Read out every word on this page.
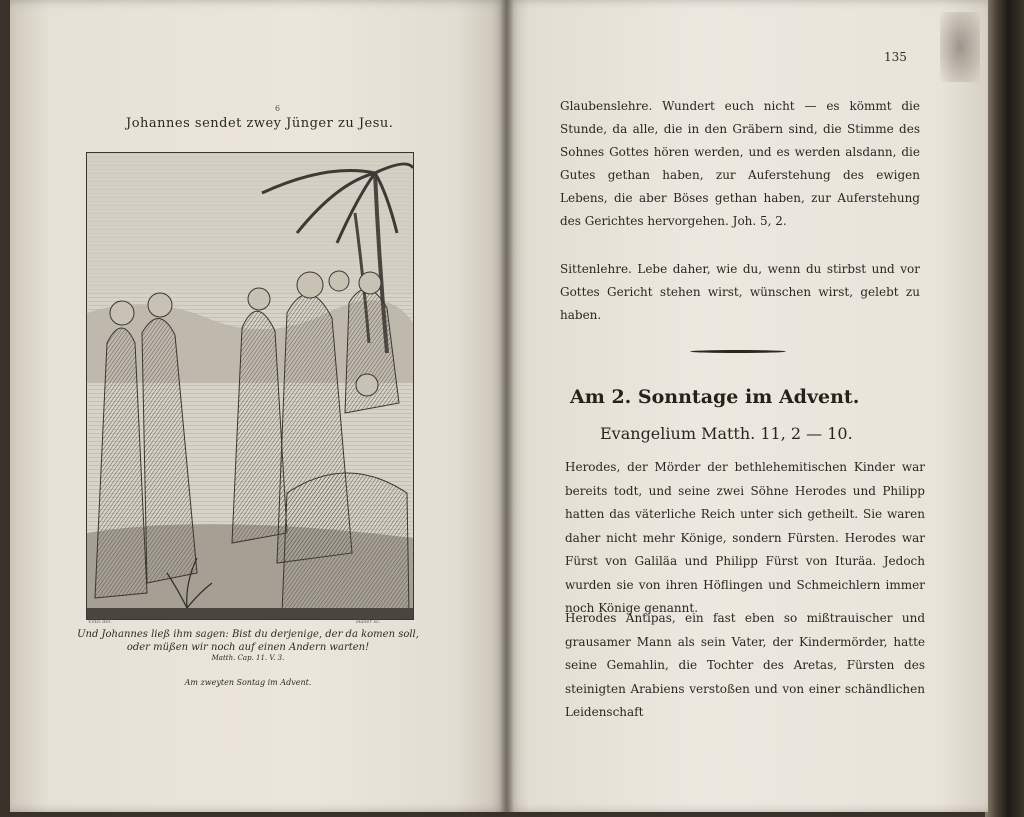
6
Johannes sendet zwey Jünger zu Jesu.
Vinci del.	Haller sc.
Und Johannes ließ ihm sagen: Bist du derjenige, der da komen soll,
oder müßen wir noch auf einen Andern warten!
Matth. Cap. 11. V. 3.
Am zweyten Sontag im Advent.
135
Glaubenslehre. Wundert euch nicht — es kömmt die Stunde, da alle, die in den Gräbern sind, die Stimme des Sohnes Gottes hören werden, und es werden alsdann, die Gutes gethan haben, zur Auferstehung des ewigen Lebens, die aber Böses gethan haben, zur Auferstehung des Gerichtes hervorgehen. Joh. 5, 2.
Sittenlehre. Lebe daher, wie du, wenn du stirbst und vor Gottes Gericht stehen wirst, wünschen wirst, gelebt zu haben.
Am 2. Sonntage im Advent.
Evangelium Matth. 11, 2 — 10.
Herodes, der Mörder der bethlehemitischen Kinder war bereits todt, und seine zwei Söhne Herodes und Philipp hatten das väterliche Reich unter sich getheilt. Sie waren daher nicht mehr Könige, sondern Fürsten. Herodes war Fürst von Galiläa und Philipp Fürst von Ituräa. Jedoch wurden sie von ihren Höflingen und Schmeichlern immer noch Könige genannt.
Herodes Antipas, ein fast eben so mißtrauischer und grausamer Mann als sein Vater, der Kindermörder, hatte seine Gemahlin, die Tochter des Aretas, Fürsten des steinigten Arabiens verstoßen und von einer schändlichen Leidenschaft
